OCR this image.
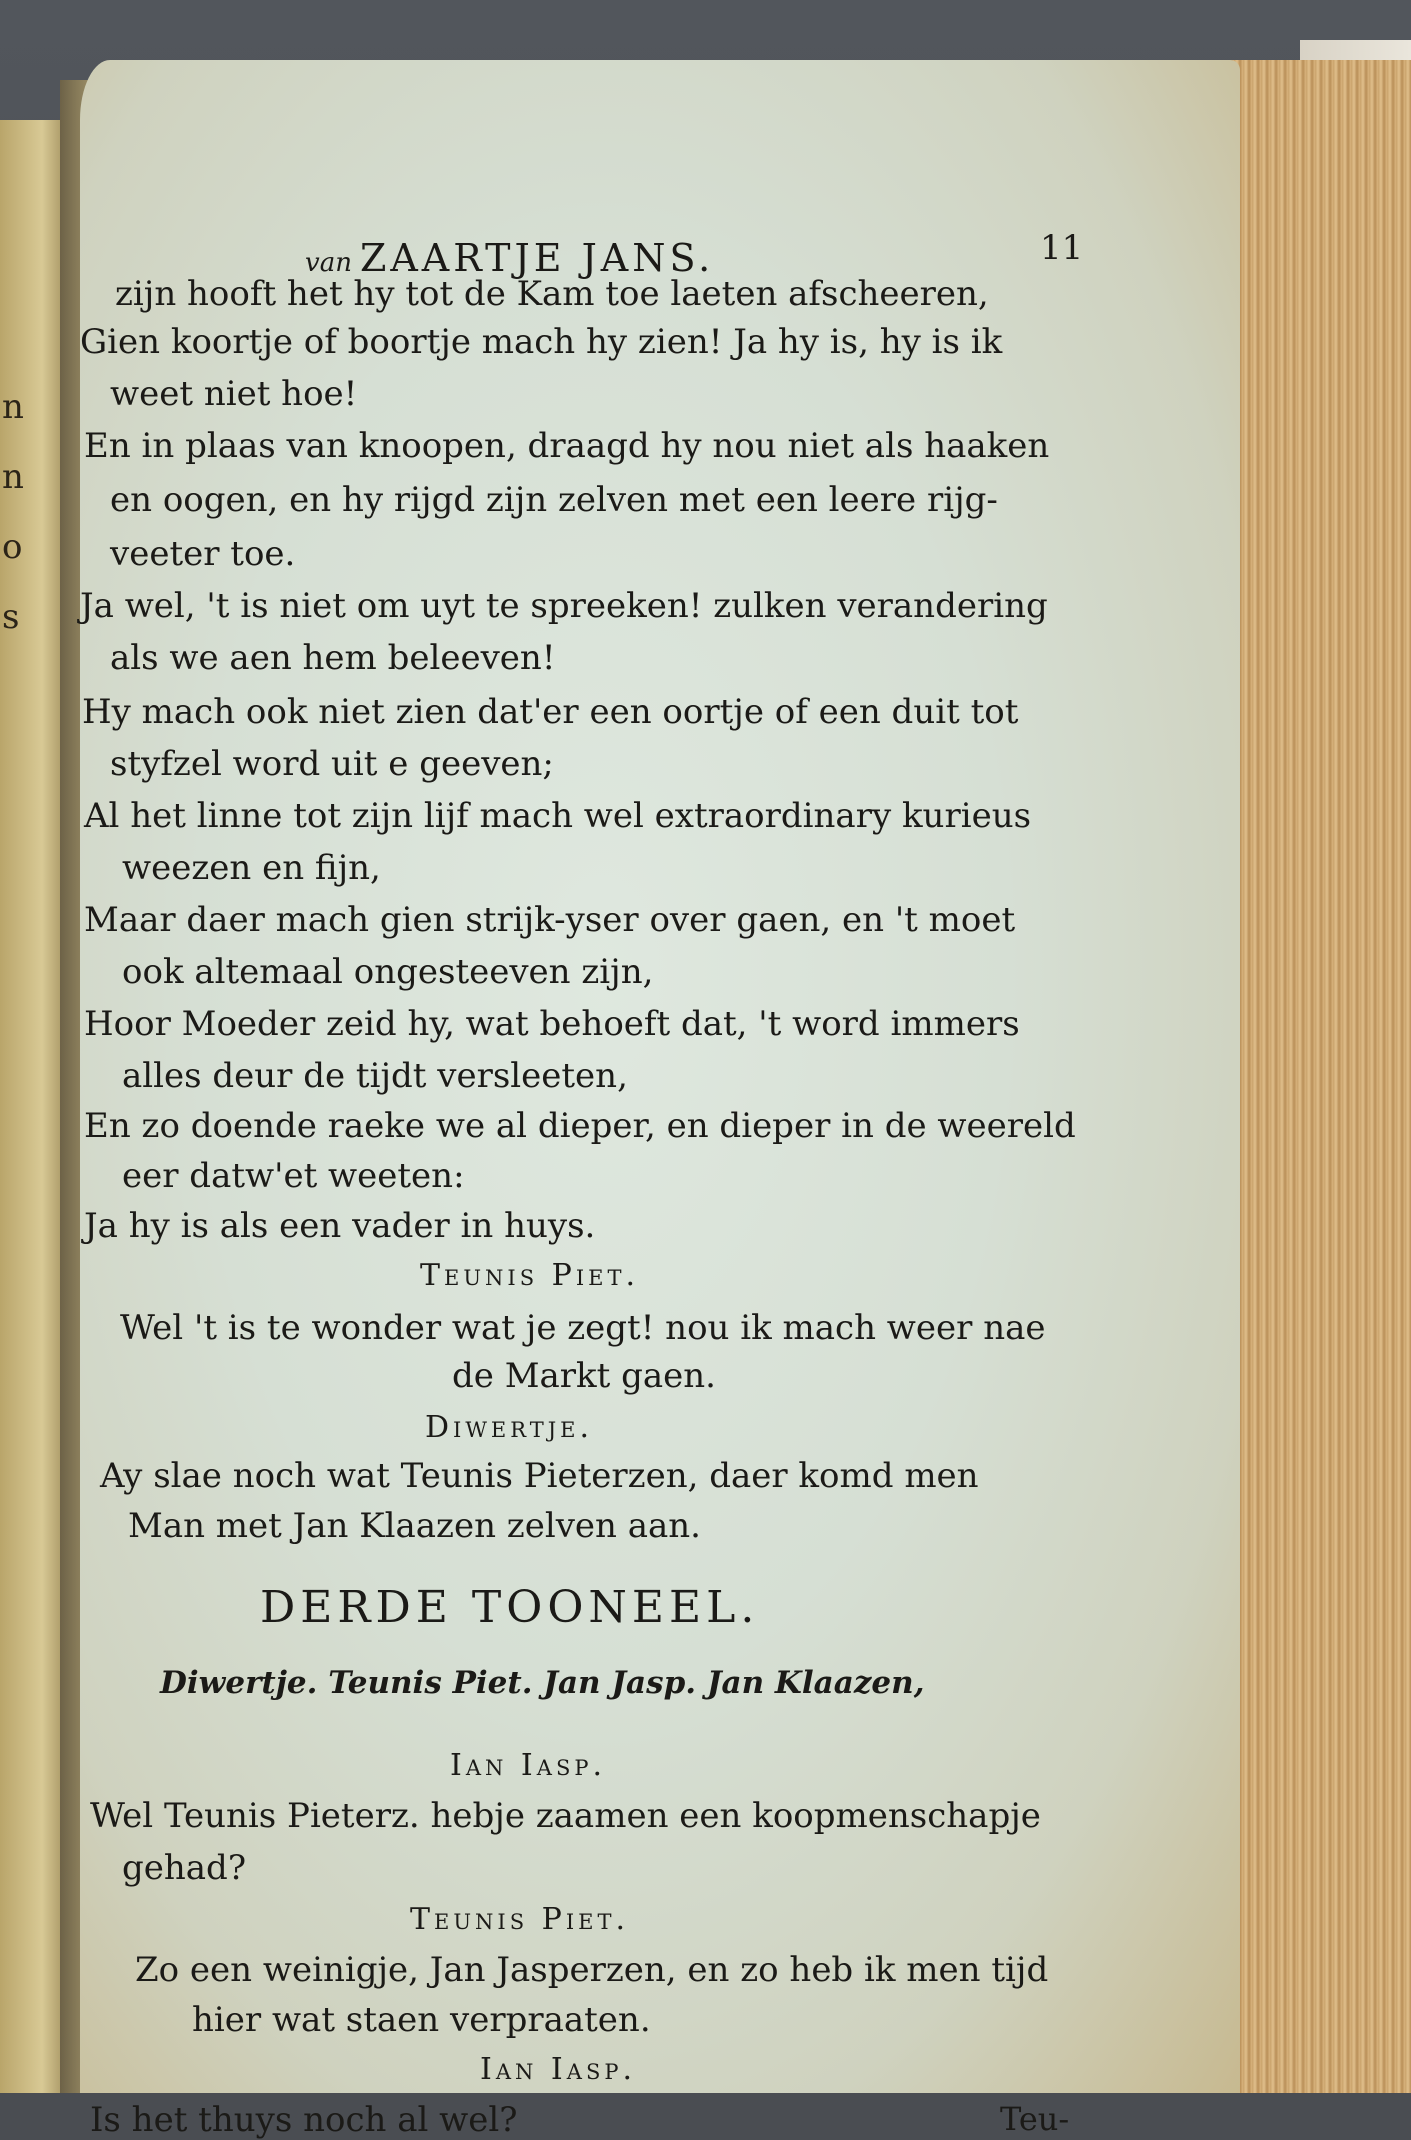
n
n
o
s
van ZAARTJE JANS.	11
zijn hooft het hy tot de Kam toe laeten afscheeren,
Gien koortje of boortje mach hy zien! Ja hy is, hy is ik
weet niet hoe!
En in plaas van knoopen, draagd hy nou niet als haaken
en oogen, en hy rijgd zijn zelven met een leere rijg-
veeter toe.
Ja wel, 't is niet om uyt te spreeken! zulken verandering
als we aen hem beleeven!
Hy mach ook niet zien dat'er een oortje of een duit tot
styfzel word uit e geeven;
Al het linne tot zijn lijf mach wel extraordinary kurieus
weezen en fijn,
Maar daer mach gien strijk-yser over gaen, en 't moet
ook altemaal ongesteeven zijn,
Hoor Moeder zeid hy, wat behoeft dat, 't word immers
alles deur de tijdt versleeten,
En zo doende raeke we al dieper, en dieper in de weereld
eer datw'et weeten:
Ja hy is als een vader in huys.
Teunis Piet.
Wel 't is te wonder wat je zegt! nou ik mach weer nae
de Markt gaen.
Diwertje.
Ay slae noch wat Teunis Pieterzen, daer komd men
Man met Jan Klaazen zelven aan.
DERDE TOONEEL.
Diwertje. Teunis Piet. Jan Jasp. Jan Klaazen,
Ian Iasp.
Wel Teunis Pieterz. hebje zaamen een koopmenschapje
gehad?
Teunis Piet.
Zo een weinigje, Jan Jasperzen, en zo heb ik men tijd
hier wat staen verpraaten.
Ian Iasp.
Is het thuys noch al wel?	Teu-
